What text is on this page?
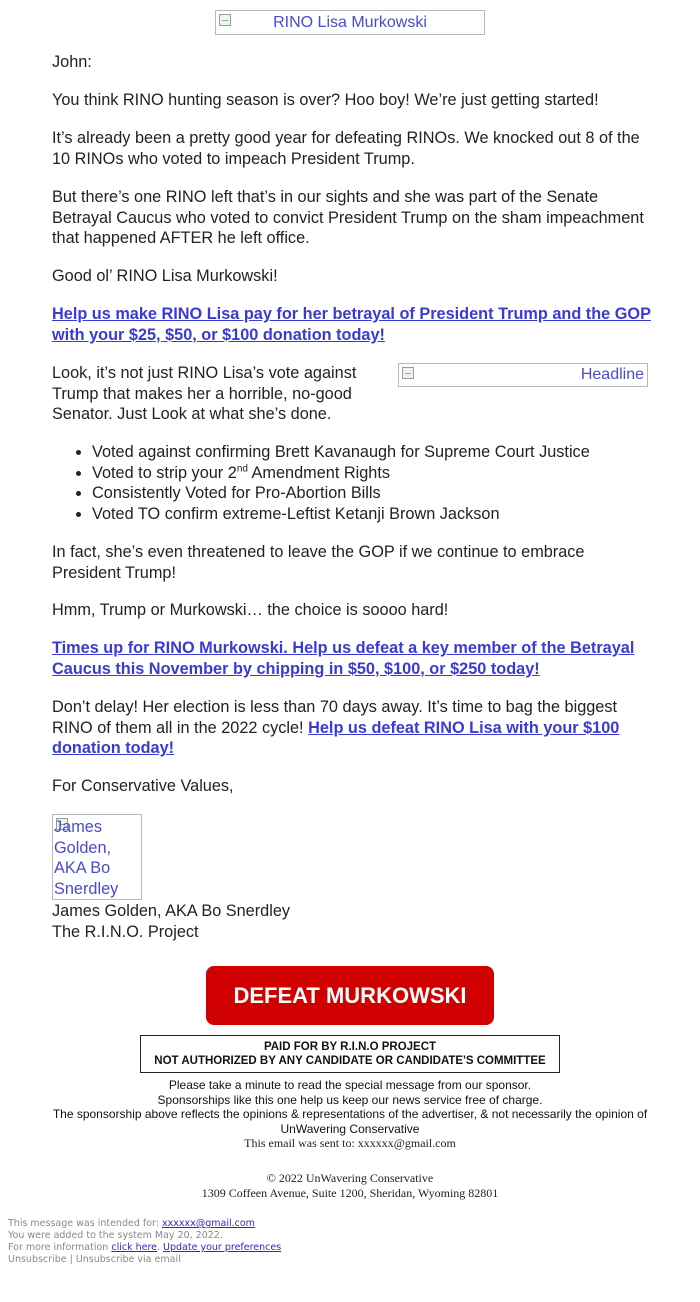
RINO Lisa Murkowski

John:

You think RINO hunting season is over? Hoo boy! We’re just getting started!

It’s already been a pretty good year for defeating RINOs. We knocked out 8 of the 10 RINOs who voted to impeach President Trump.

But there’s one RINO left that’s in our sights and she was part of the Senate Betrayal Caucus who voted to convict President Trump on the sham impeachment that happened AFTER he left office.

Good ol’ RINO Lisa Murkowski!

Help us make RINO Lisa pay for her betrayal of President Trump and the GOP with your $25, $50, or $100 donation today!

Headline

Look, it’s not just RINO Lisa’s vote against Trump that makes her a horrible, no-good Senator. Just Look at what she’s done.

• Voted against confirming Brett Kavanaugh for Supreme Court Justice
• Voted to strip your 2nd Amendment Rights
• Consistently Voted for Pro-Abortion Bills
• Voted TO confirm extreme-Leftist Ketanji Brown Jackson

In fact, she’s even threatened to leave the GOP if we continue to embrace President Trump!

Hmm, Trump or Murkowski… the choice is soooo hard!

Times up for RINO Murkowski. Help us defeat a key member of the Betrayal Caucus this November by chipping in $50, $100, or $250 today!

Don’t delay! Her election is less than 70 days away. It’s time to bag the biggest RINO of them all in the 2022 cycle! Help us defeat RINO Lisa with your $100 donation today!

For Conservative Values,

James Golden, AKA Bo Snerdley

James Golden, AKA Bo Snerdley

The R.I.N.O. Project

DEFEAT MURKOWSKI
PAID FOR BY R.I.N.O PROJECT
NOT AUTHORIZED BY ANY CANDIDATE OR CANDIDATE'S COMMITTEE
Please take a minute to read the special message from our sponsor.
Sponsorships like this one help us keep our news service free of charge.
The sponsorship above reflects the opinions & representations of the advertiser, & not necessarily the opinion of UnWavering Conservative
This email was sent to: xxxxxx@gmail.com
© 2022 UnWavering Conservative
1309 Coffeen Avenue, Suite 1200, Sheridan, Wyoming 82801
This message was intended for: xxxxxx@gmail.com
You were added to the system May 20, 2022.
For more information click here. Update your preferences
Unsubscribe | Unsubscribe via email
